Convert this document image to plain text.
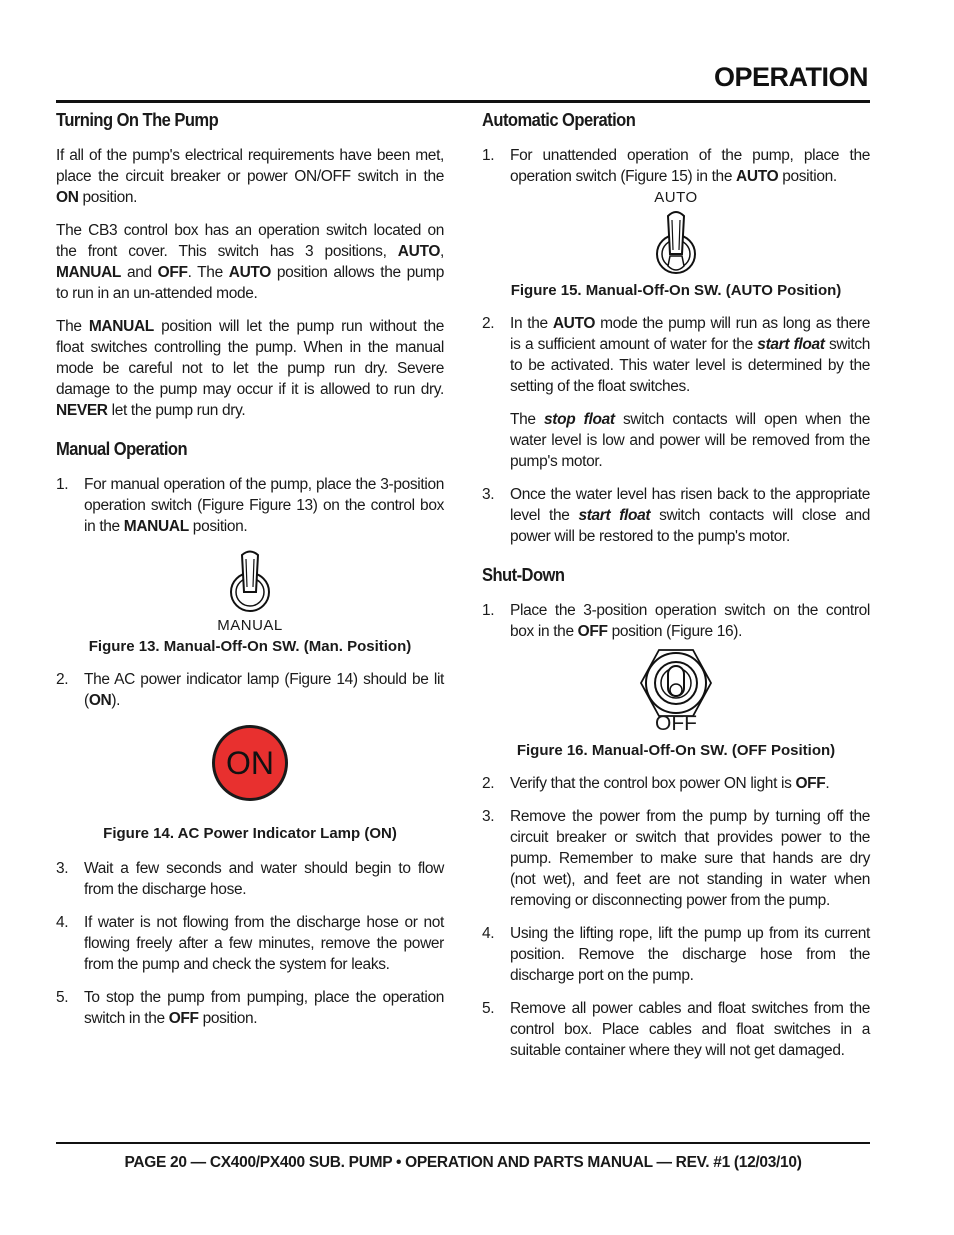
OPERATION
Turning On The Pump

If all of the pump's electrical requirements have been met, place the circuit breaker or power ON/OFF switch in the ON position.

The CB3 control box has an operation switch located on the front cover. This switch has 3 positions, AUTO, MANUAL and OFF. The AUTO position allows the pump to run in an un-attended mode.

The MANUAL position will let the pump run without the float switches controlling the pump. When in the manual mode be careful not to let the pump run dry. Severe damage to the pump may occur if it is allowed to run dry. NEVER let the pump run dry.

Manual Operation
1.	For manual operation of the pump, place the 3-position operation switch (Figure Figure 13) on the control box in the MANUAL position.
MANUAL
Figure 13. Manual-Off-On SW. (Man. Position)
2.	The AC power indicator lamp (Figure 14) should be lit (ON).
ON
Figure 14. AC Power Indicator Lamp (ON)
3.	Wait a few seconds and water should begin to flow from the discharge hose.
4.	If water is not flowing from the discharge hose or not flowing freely after a few minutes, remove the power from the pump and check the system for leaks.
5.	To stop the pump from pumping, place the operation switch in the OFF position.
Automatic Operation
1.	For unattended operation of the pump, place the operation switch (Figure 15) in the AUTO position.
AUTO
Figure 15. Manual-Off-On SW. (AUTO Position)
2.	In the AUTO mode the pump will run as long as there is a sufficient amount of water for the start float switch to be activated. This water level is determined by the setting of the float switches.

The stop float switch contacts will open when the water level is low and power will be removed from the pump's motor.

3.	Once the water level has risen back to the appropriate level the start float switch contacts will close and power will be restored to the pump's motor.
Shut-Down
1.	Place the 3-position operation switch on the control box in the OFF position (Figure 16).
OFF
Figure 16. Manual-Off-On SW. (OFF Position)
2.	Verify that the control box power ON light is OFF.
3.	Remove the power from the pump by turning off the circuit breaker or switch that provides power to the pump. Remember to make sure that hands are dry (not wet), and feet are not standing in water when removing or disconnecting power from the pump.
4.	Using the lifting rope, lift the pump up from its current position. Remove the discharge hose from the discharge port on the pump.
5.	Remove all power cables and float switches from the control box. Place cables and float switches in a suitable container where they will not get damaged.
PAGE 20 — CX400/PX400 SUB. PUMP • OPERATION AND PARTS MANUAL — REV. #1 (12/03/10)
